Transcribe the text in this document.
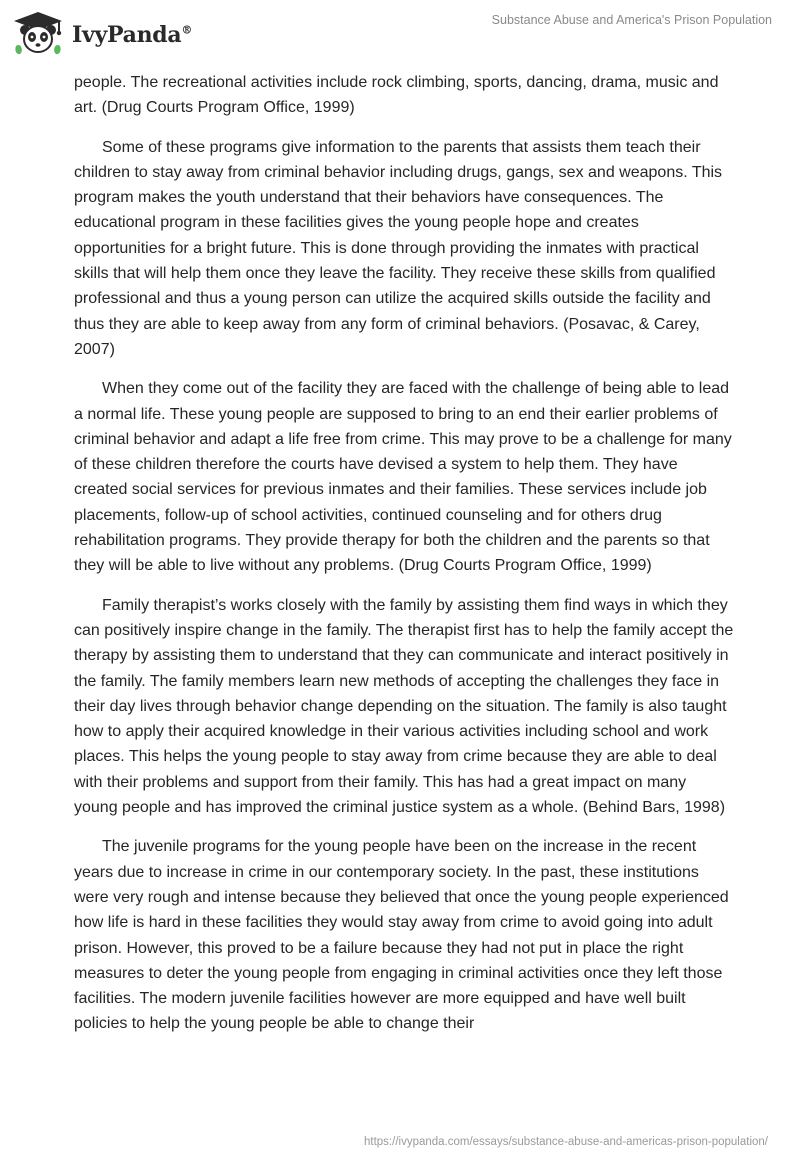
IvyPanda®
Substance Abuse and America's Prison Population

people. The recreational activities include rock climbing, sports, dancing, drama, music and art. (Drug Courts Program Office, 1999)

Some of these programs give information to the parents that assists them teach their children to stay away from criminal behavior including drugs, gangs, sex and weapons. This program makes the youth understand that their behaviors have consequences. The educational program in these facilities gives the young people hope and creates opportunities for a bright future. This is done through providing the inmates with practical skills that will help them once they leave the facility. They receive these skills from qualified professional and thus a young person can utilize the acquired skills outside the facility and thus they are able to keep away from any form of criminal behaviors. (Posavac, & Carey, 2007)

When they come out of the facility they are faced with the challenge of being able to lead a normal life. These young people are supposed to bring to an end their earlier problems of criminal behavior and adapt a life free from crime. This may prove to be a challenge for many of these children therefore the courts have devised a system to help them. They have created social services for previous inmates and their families. These services include job placements, follow-up of school activities, continued counseling and for others drug rehabilitation programs. They provide therapy for both the children and the parents so that they will be able to live without any problems. (Drug Courts Program Office, 1999)

Family therapist’s works closely with the family by assisting them find ways in which they can positively inspire change in the family. The therapist first has to help the family accept the therapy by assisting them to understand that they can communicate and interact positively in the family. The family members learn new methods of accepting the challenges they face in their day lives through behavior change depending on the situation. The family is also taught how to apply their acquired knowledge in their various activities including school and work places. This helps the young people to stay away from crime because they are able to deal with their problems and support from their family. This has had a great impact on many young people and has improved the criminal justice system as a whole. (Behind Bars, 1998)

The juvenile programs for the young people have been on the increase in the recent years due to increase in crime in our contemporary society. In the past, these institutions were very rough and intense because they believed that once the young people experienced how life is hard in these facilities they would stay away from crime to avoid going into adult prison. However, this proved to be a failure because they had not put in place the right measures to deter the young people from engaging in criminal activities once they left those facilities. The modern juvenile facilities however are more equipped and have well built policies to help the young people be able to change their

https://ivypanda.com/essays/substance-abuse-and-americas-prison-population/
